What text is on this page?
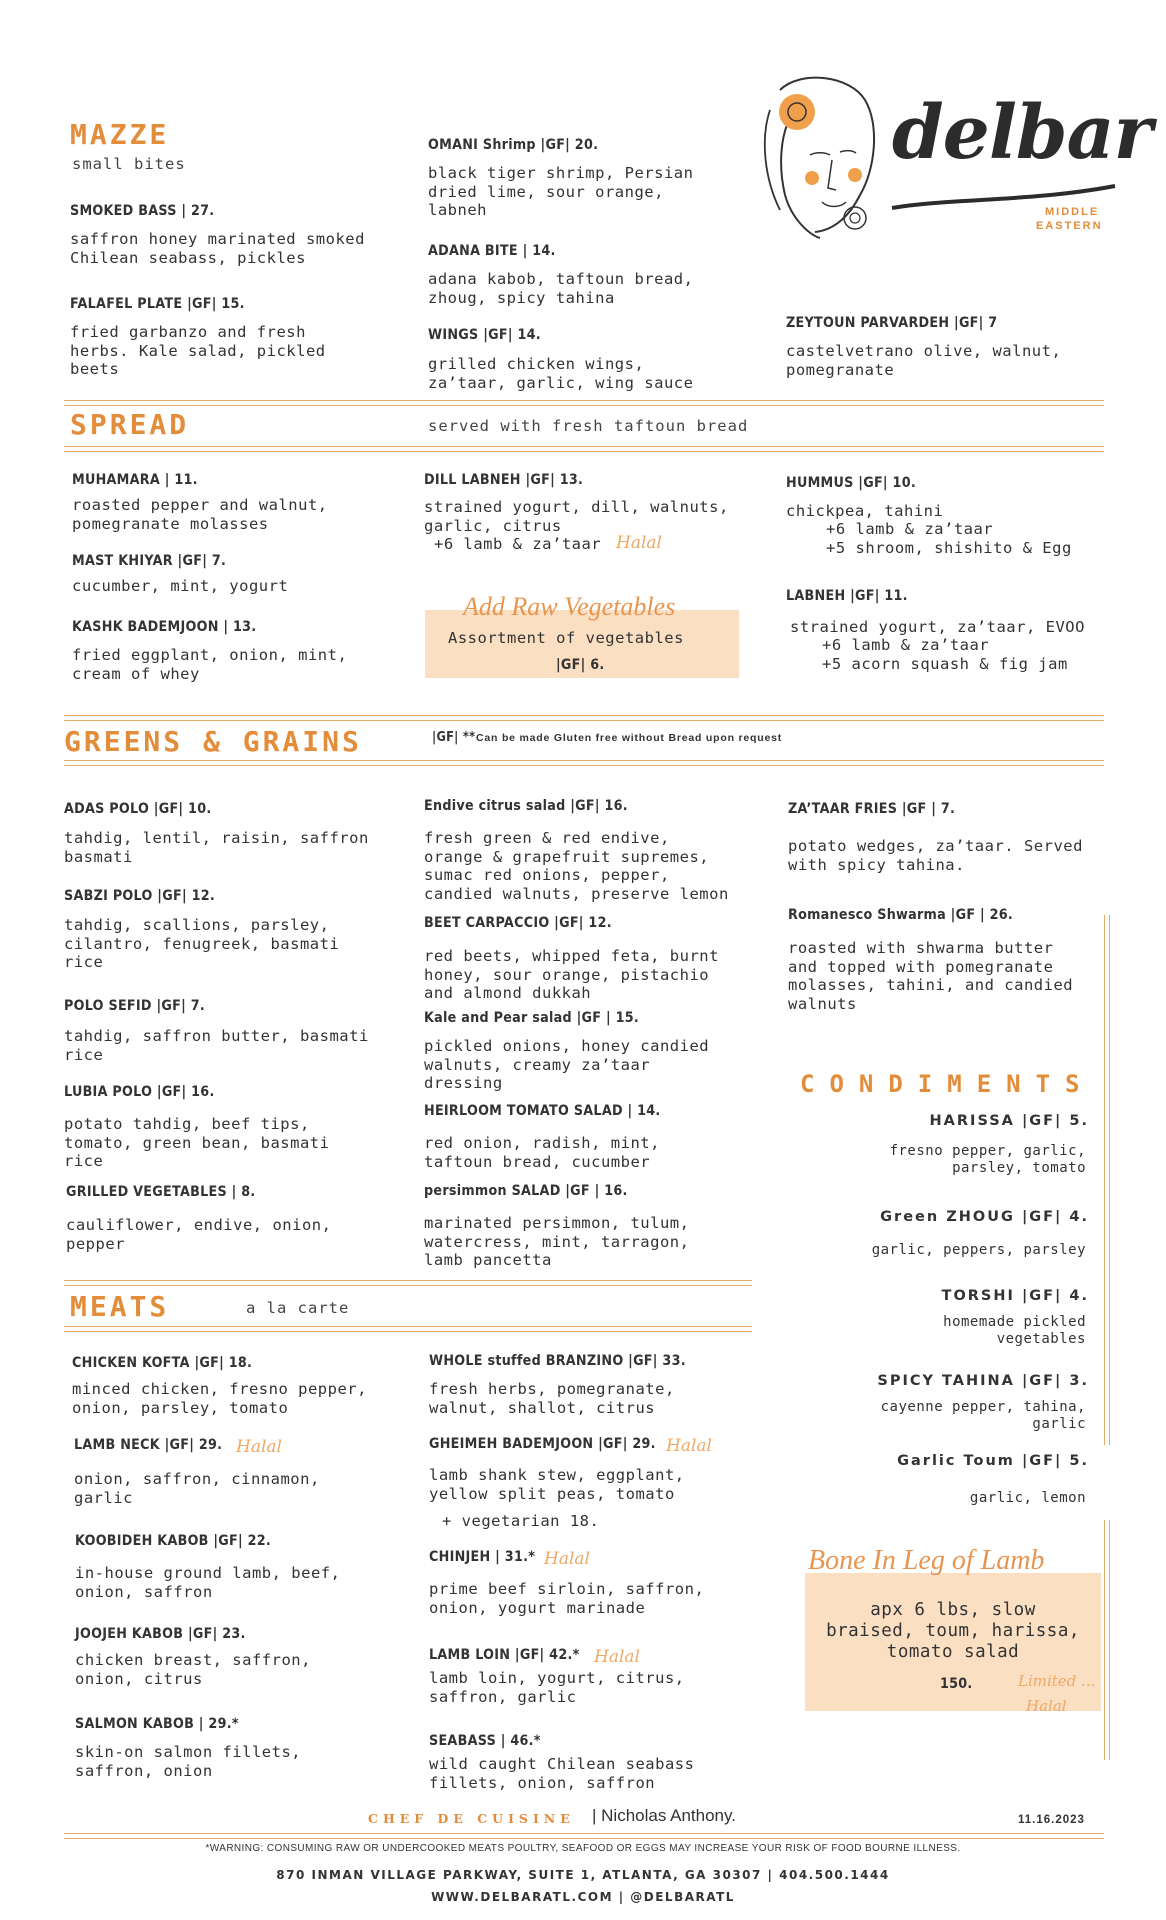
delbar
MIDDLE
EASTERN
MAZZE
small bites
SMOKED BASS | 27.
saffron honey marinated smoked
Chilean seabass, pickles
FALAFEL PLATE |GF| 15.
fried garbanzo and fresh
herbs. Kale salad, pickled
beets
OMANI Shrimp |GF| 20.
black tiger shrimp, Persian
dried lime, sour orange,
labneh
ADANA BITE | 14.
adana kabob, taftoun bread,
zhoug, spicy tahina
WINGS |GF| 14.
grilled chicken wings,
za’taar, garlic, wing sauce
ZEYTOUN PARVARDEH |GF| 7
castelvetrano olive, walnut,
pomegranate
SPREAD	served with fresh taftoun bread
MUHAMARA | 11.
roasted pepper and walnut,
pomegranate molasses
MAST KHIYAR |GF| 7.
cucumber, mint, yogurt
KASHK BADEMJOON | 13.
fried eggplant, onion, mint,
cream of whey
DILL LABNEH |GF| 13.
strained yogurt, dill, walnuts,
garlic, citrus
+6 lamb & za’taar Halal
Add Raw Vegetables
Assortment of vegetables
|GF| 6.
HUMMUS |GF| 10.
chickpea, tahini
+6 lamb & za’taar
+5 shroom, shishito & Egg
LABNEH |GF| 11.
strained yogurt, za’taar, EVOO
+6 lamb & za’taar
+5 acorn squash & fig jam
GREENS & GRAINS	|GF| ** Can be made Gluten free without Bread upon request
ADAS POLO |GF| 10.
tahdig, lentil, raisin, saffron
basmati
SABZI POLO |GF| 12.
tahdig, scallions, parsley,
cilantro, fenugreek, basmati
rice
POLO SEFID |GF| 7.
tahdig, saffron butter, basmati
rice
LUBIA POLO |GF| 16.
potato tahdig, beef tips,
tomato, green bean, basmati
rice
GRILLED VEGETABLES | 8.
cauliflower, endive, onion,
pepper
Endive citrus salad |GF| 16.
fresh green & red endive,
orange & grapefruit supremes,
sumac red onions, pepper,
candied walnuts, preserve lemon
BEET CARPACCIO |GF| 12.
red beets, whipped feta, burnt
honey, sour orange, pistachio
and almond dukkah
Kale and Pear salad |GF | 15.
pickled onions, honey candied
walnuts, creamy za’taar
dressing
HEIRLOOM TOMATO SALAD | 14.
red onion, radish, mint,
taftoun bread, cucumber
persimmon SALAD |GF | 16.
marinated persimmon, tulum,
watercress, mint, tarragon,
lamb pancetta
ZA’TAAR FRIES |GF | 7.
potato wedges, za’taar. Served
with spicy tahina.
Romanesco Shwarma |GF | 26.
roasted with shwarma butter
and topped with pomegranate
molasses, tahini, and candied
walnuts
CONDIMENTS
HARISSA |GF| 5.
fresno pepper, garlic,
parsley, tomato
Green ZHOUG |GF| 4.
garlic, peppers, parsley
TORSHI |GF| 4.
homemade pickled
vegetables
SPICY TAHINA |GF| 3.
cayenne pepper, tahina,
garlic
Garlic Toum |GF| 5.
garlic, lemon
MEATS	a la carte
CHICKEN KOFTA |GF| 18.
minced chicken, fresno pepper,
onion, parsley, tomato
LAMB NECK |GF| 29. Halal
onion, saffron, cinnamon,
garlic
KOOBIDEH KABOB |GF| 22.
in-house ground lamb, beef,
onion, saffron
JOOJEH KABOB |GF| 23.
chicken breast, saffron,
onion, citrus
SALMON KABOB | 29.*
skin-on salmon fillets,
saffron, onion
WHOLE stuffed BRANZINO |GF| 33.
fresh herbs, pomegranate,
walnut, shallot, citrus
GHEIMEH BADEMJOON |GF| 29. Halal
lamb shank stew, eggplant,
yellow split peas, tomato
+ vegetarian 18.
CHINJEH | 31.* Halal
prime beef sirloin, saffron,
onion, yogurt marinade
LAMB LOIN |GF| 42.* Halal
lamb loin, yogurt, citrus,
saffron, garlic
SEABASS | 46.*
wild caught Chilean seabass
fillets, onion, saffron
Bone In Leg of Lamb
apx 6 lbs, slow
braised, toum, harissa,
tomato salad
150.	Limited ...
Halal
CHEF DE CUISINE | Nicholas Anthony.	11.16.2023
*WARNING: CONSUMING RAW OR UNDERCOOKED MEATS POULTRY, SEAFOOD OR EGGS MAY INCREASE YOUR RISK OF FOOD BOURNE ILLNESS.
870 INMAN VILLAGE PARKWAY, SUITE 1, ATLANTA, GA 30307 | 404.500.1444
WWW.DELBARATL.COM | @DELBARATL
